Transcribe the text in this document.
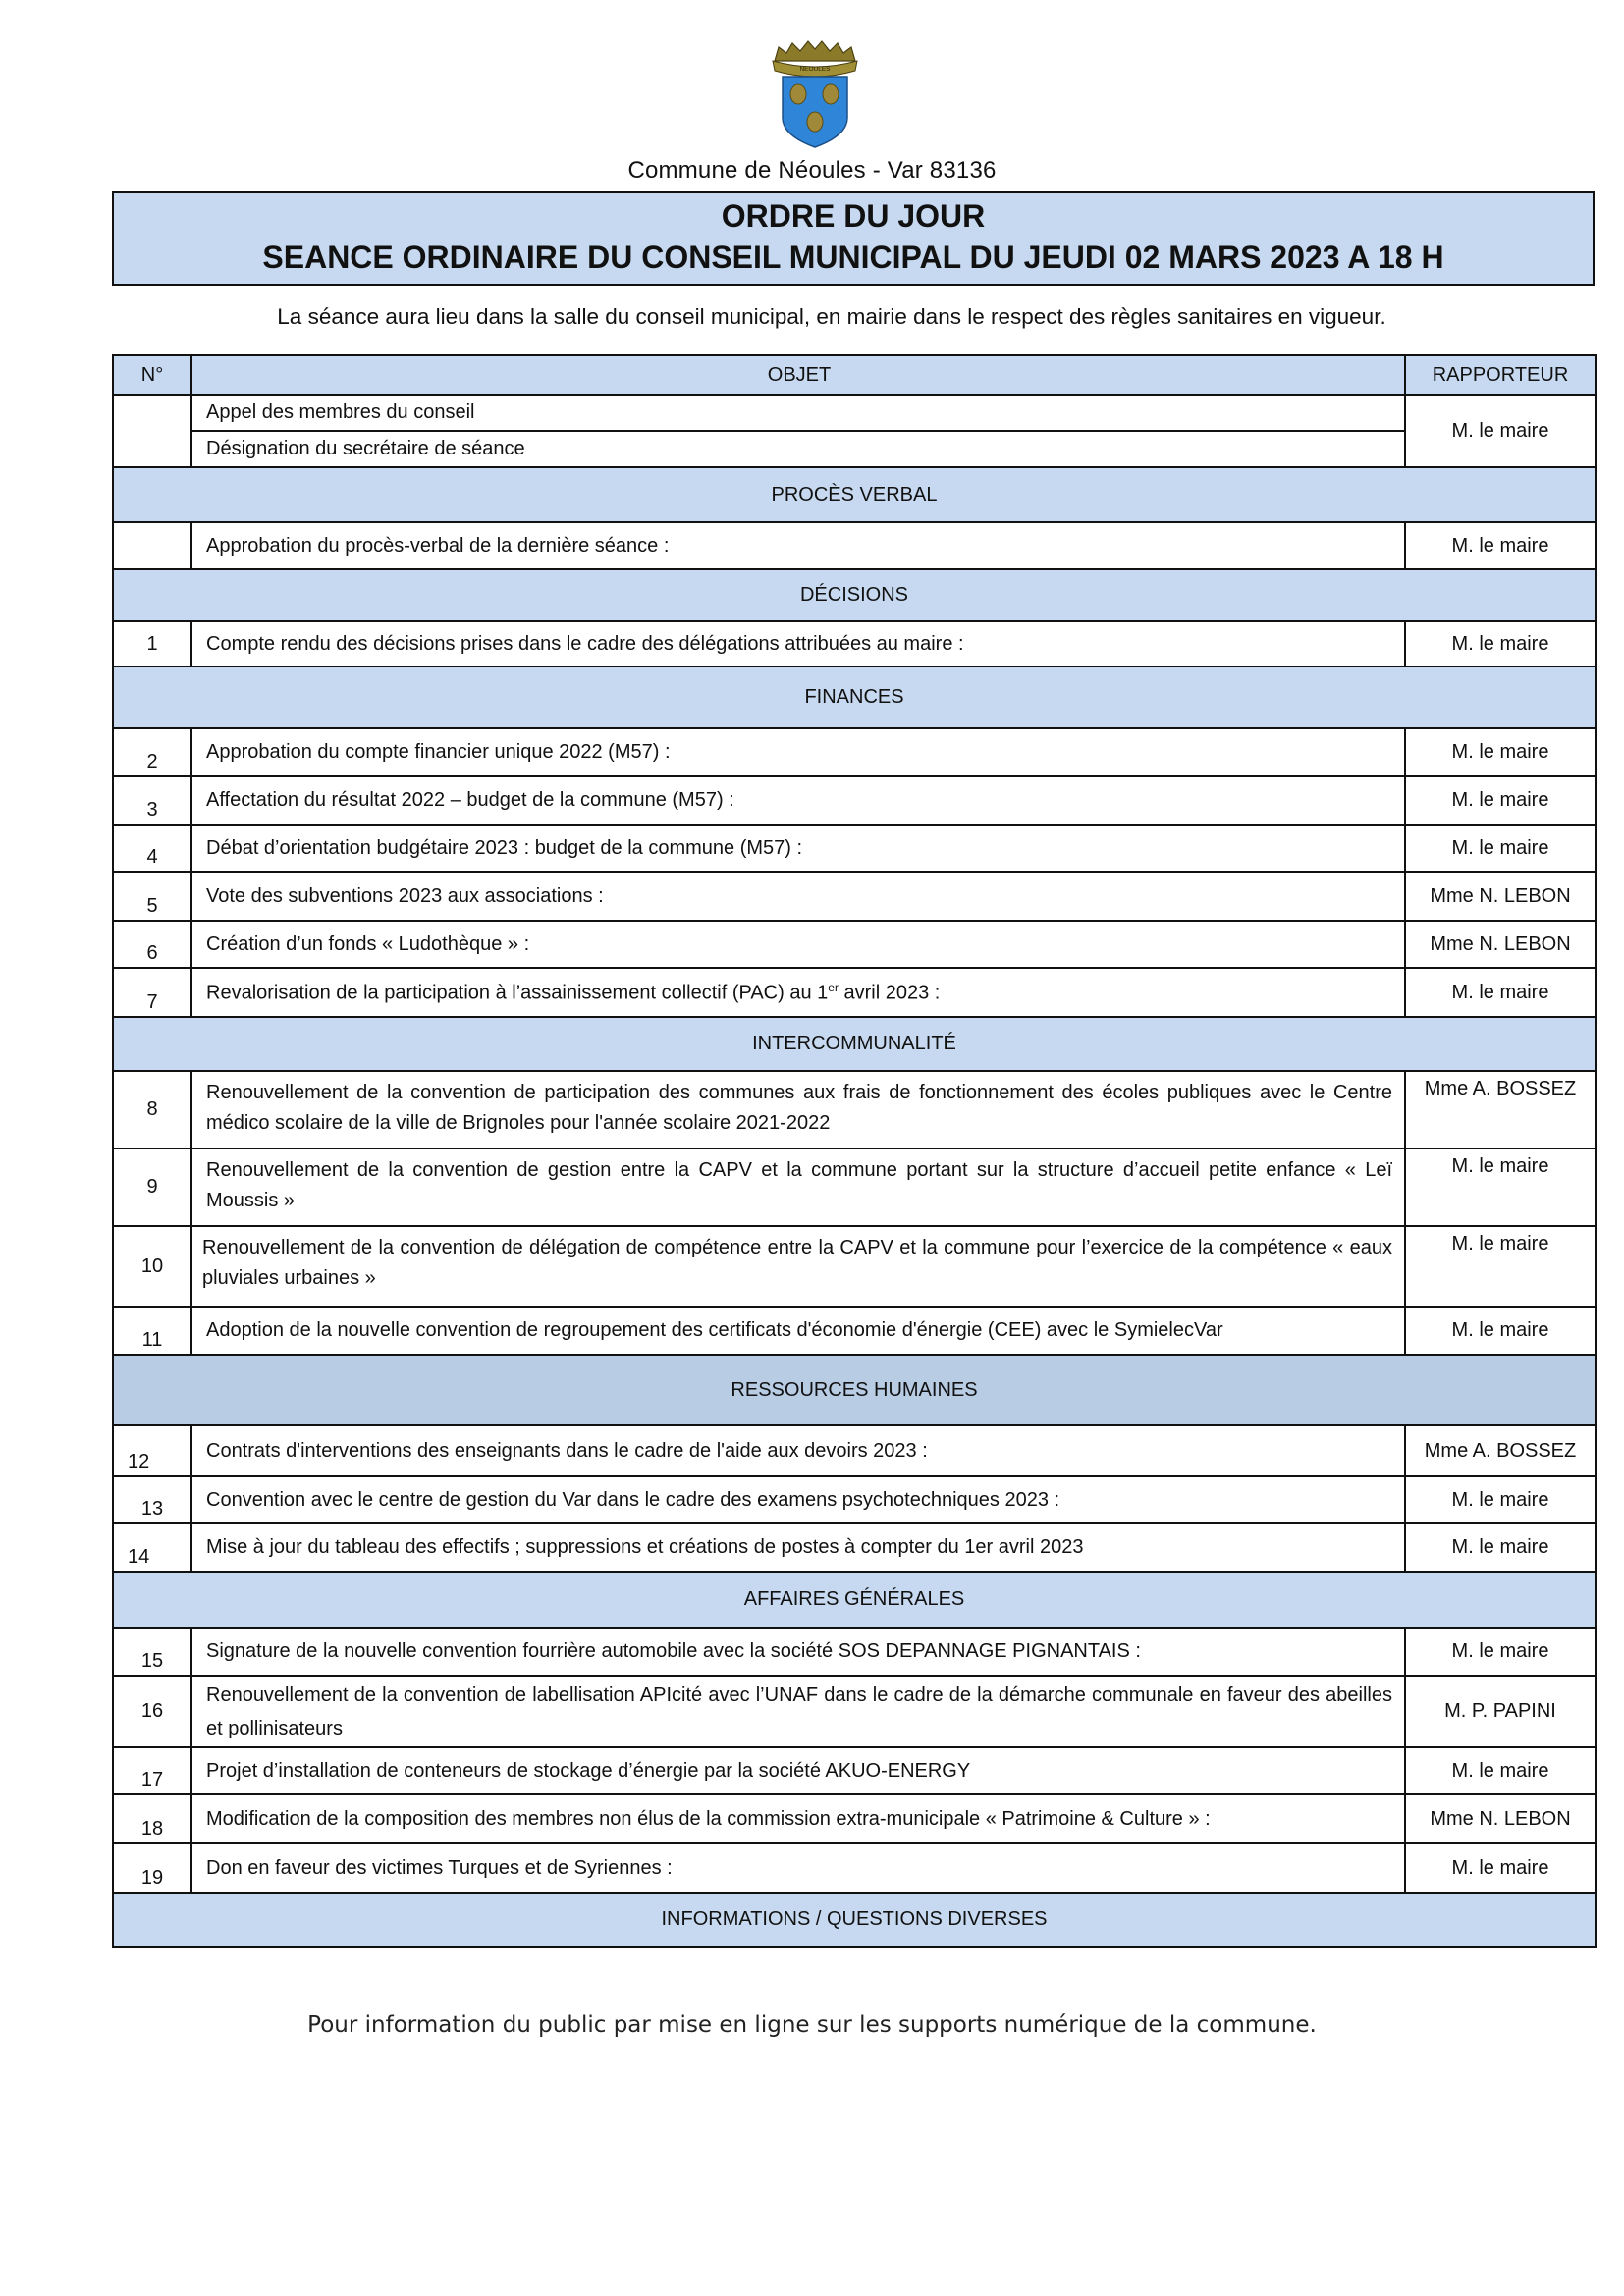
NEOULES
Commune de Néoules - Var 83136
ORDRE DU JOUR
SEANCE ORDINAIRE DU CONSEIL MUNICIPAL DU JEUDI 02 MARS 2023 A 18 H
La séance aura lieu dans la salle du conseil municipal, en mairie dans le respect des règles sanitaires en vigueur.
N°	OBJET	RAPPORTEUR
	Appel des membres du conseil	M. le maire
	Désignation du secrétaire de séance	
PROCÈS VERBAL		
	Approbation du procès-verbal de la dernière séance :	M. le maire
DÉCISIONS		
1	Compte rendu des décisions prises dans le cadre des délégations attribuées au maire :	M. le maire
FINANCES		
2	Approbation du compte financier unique 2022 (M57) :	M. le maire
3	Affectation du résultat 2022 – budget de la commune (M57) :	M. le maire
4	Débat d’orientation budgétaire 2023 : budget de la commune (M57) :	M. le maire
5	Vote des subventions 2023 aux associations :	Mme N. LEBON
6	Création d’un fonds « Ludothèque » :	Mme N. LEBON
7	Revalorisation de la participation à l’assainissement collectif (PAC) au 1er avril 2023 :	M. le maire
INTERCOMMUNALITÉ		
8	Renouvellement de la convention de participation des communes aux frais de fonctionnement des écoles publiques avec le Centre médico scolaire de la ville de Brignoles pour l'année scolaire 2021-2022	Mme A. BOSSEZ
9	Renouvellement de la convention de gestion entre la CAPV et la commune portant sur la structure d’accueil petite enfance « Leï Moussis »	M. le maire
10	Renouvellement de la convention de délégation de compétence entre la CAPV et la commune pour l’exercice de la compétence « eaux pluviales urbaines »	M. le maire
11	Adoption de la nouvelle convention de regroupement des certificats d'économie d'énergie (CEE) avec le SymielecVar	M. le maire
RESSOURCES HUMAINES		
12	Contrats d'interventions des enseignants dans le cadre de l'aide aux devoirs 2023 :	Mme A. BOSSEZ
13	Convention avec le centre de gestion du Var dans le cadre des examens psychotechniques 2023 :	M. le maire
14	Mise à jour du tableau des effectifs ; suppressions et créations de postes à compter du 1er avril 2023	M. le maire
AFFAIRES GÉNÉRALES		
15	Signature de la nouvelle convention fourrière automobile avec la société SOS DEPANNAGE PIGNANTAIS :	M. le maire
16	Renouvellement de la convention de labellisation APIcité avec l’UNAF dans le cadre de la démarche communale en faveur des abeilles et pollinisateurs	M. P. PAPINI
17	Projet d’installation de conteneurs de stockage d’énergie par la société AKUO-ENERGY	M. le maire
18	Modification de la composition des membres non élus de la commission extra-municipale « Patrimoine & Culture » :	Mme N. LEBON
19	Don en faveur des victimes Turques et de Syriennes :	M. le maire
INFORMATIONS / QUESTIONS DIVERSES		
Pour information du public par mise en ligne sur les supports numérique de la commune.
